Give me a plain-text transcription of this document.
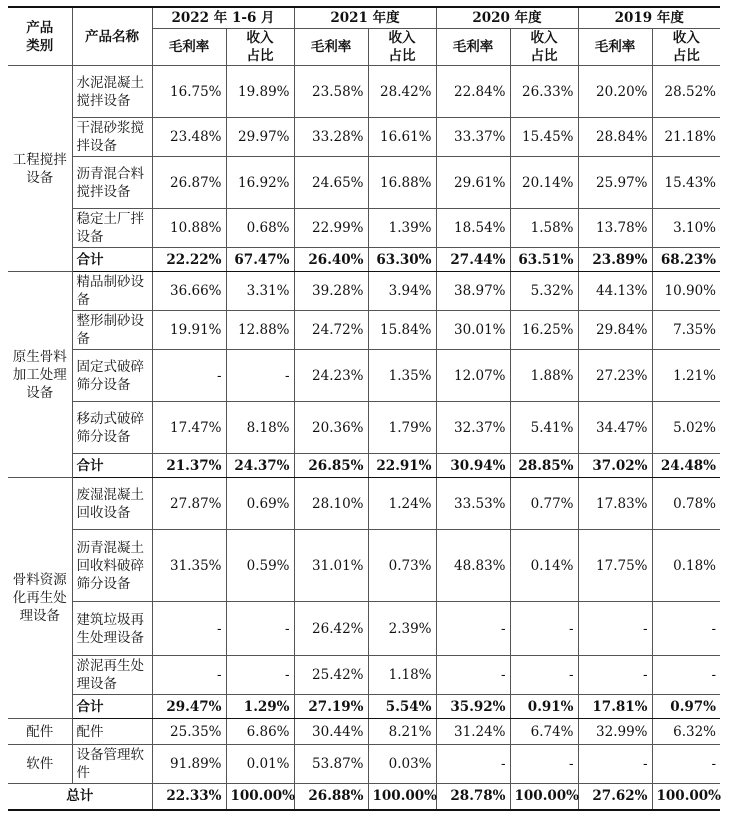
产品类别	产品名称	2022 年 1-6 月		2021 年度		2020 年度		2019 年度	
		毛利率	收入占比	毛利率	收入占比	毛利率	收入占比	毛利率	收入占比
工程搅拌设备	水泥混凝土搅拌设备	16.75%	19.89%	23.58%	28.42%	22.84%	26.33%	20.20%	28.52%
	干混砂浆搅拌设备	23.48%	29.97%	33.28%	16.61%	33.37%	15.45%	28.84%	21.18%
	沥青混合料搅拌设备	26.87%	16.92%	24.65%	16.88%	29.61%	20.14%	25.97%	15.43%
	稳定土厂拌设备	10.88%	0.68%	22.99%	1.39%	18.54%	1.58%	13.78%	3.10%
	合计	22.22%	67.47%	26.40%	63.30%	27.44%	63.51%	23.89%	68.23%
原生骨料加工处理设备	精品制砂设备	36.66%	3.31%	39.28%	3.94%	38.97%	5.32%	44.13%	10.90%
	整形制砂设备	19.91%	12.88%	24.72%	15.84%	30.01%	16.25%	29.84%	7.35%
	固定式破碎筛分设备	-	-	24.23%	1.35%	12.07%	1.88%	27.23%	1.21%
	移动式破碎筛分设备	17.47%	8.18%	20.36%	1.79%	32.37%	5.41%	34.47%	5.02%
	合计	21.37%	24.37%	26.85%	22.91%	30.94%	28.85%	37.02%	24.48%
骨料资源化再生处理设备	废湿混凝土回收设备	27.87%	0.69%	28.10%	1.24%	33.53%	0.77%	17.83%	0.78%
	沥青混凝土回收料破碎筛分设备	31.35%	0.59%	31.01%	0.73%	48.83%	0.14%	17.75%	0.18%
	建筑垃圾再生处理设备	-	-	26.42%	2.39%	-	-	-	-
	淤泥再生处理设备	-	-	25.42%	1.18%	-	-	-	-
	合计	29.47%	1.29%	27.19%	5.54%	35.92%	0.91%	17.81%	0.97%
配件	配件	25.35%	6.86%	30.44%	8.21%	31.24%	6.74%	32.99%	6.32%
软件	设备管理软件	91.89%	0.01%	53.87%	0.03%	-	-	-	-
总计		22.33%	100.00%	26.88%	100.00%	28.78%	100.00%	27.62%	100.00%
